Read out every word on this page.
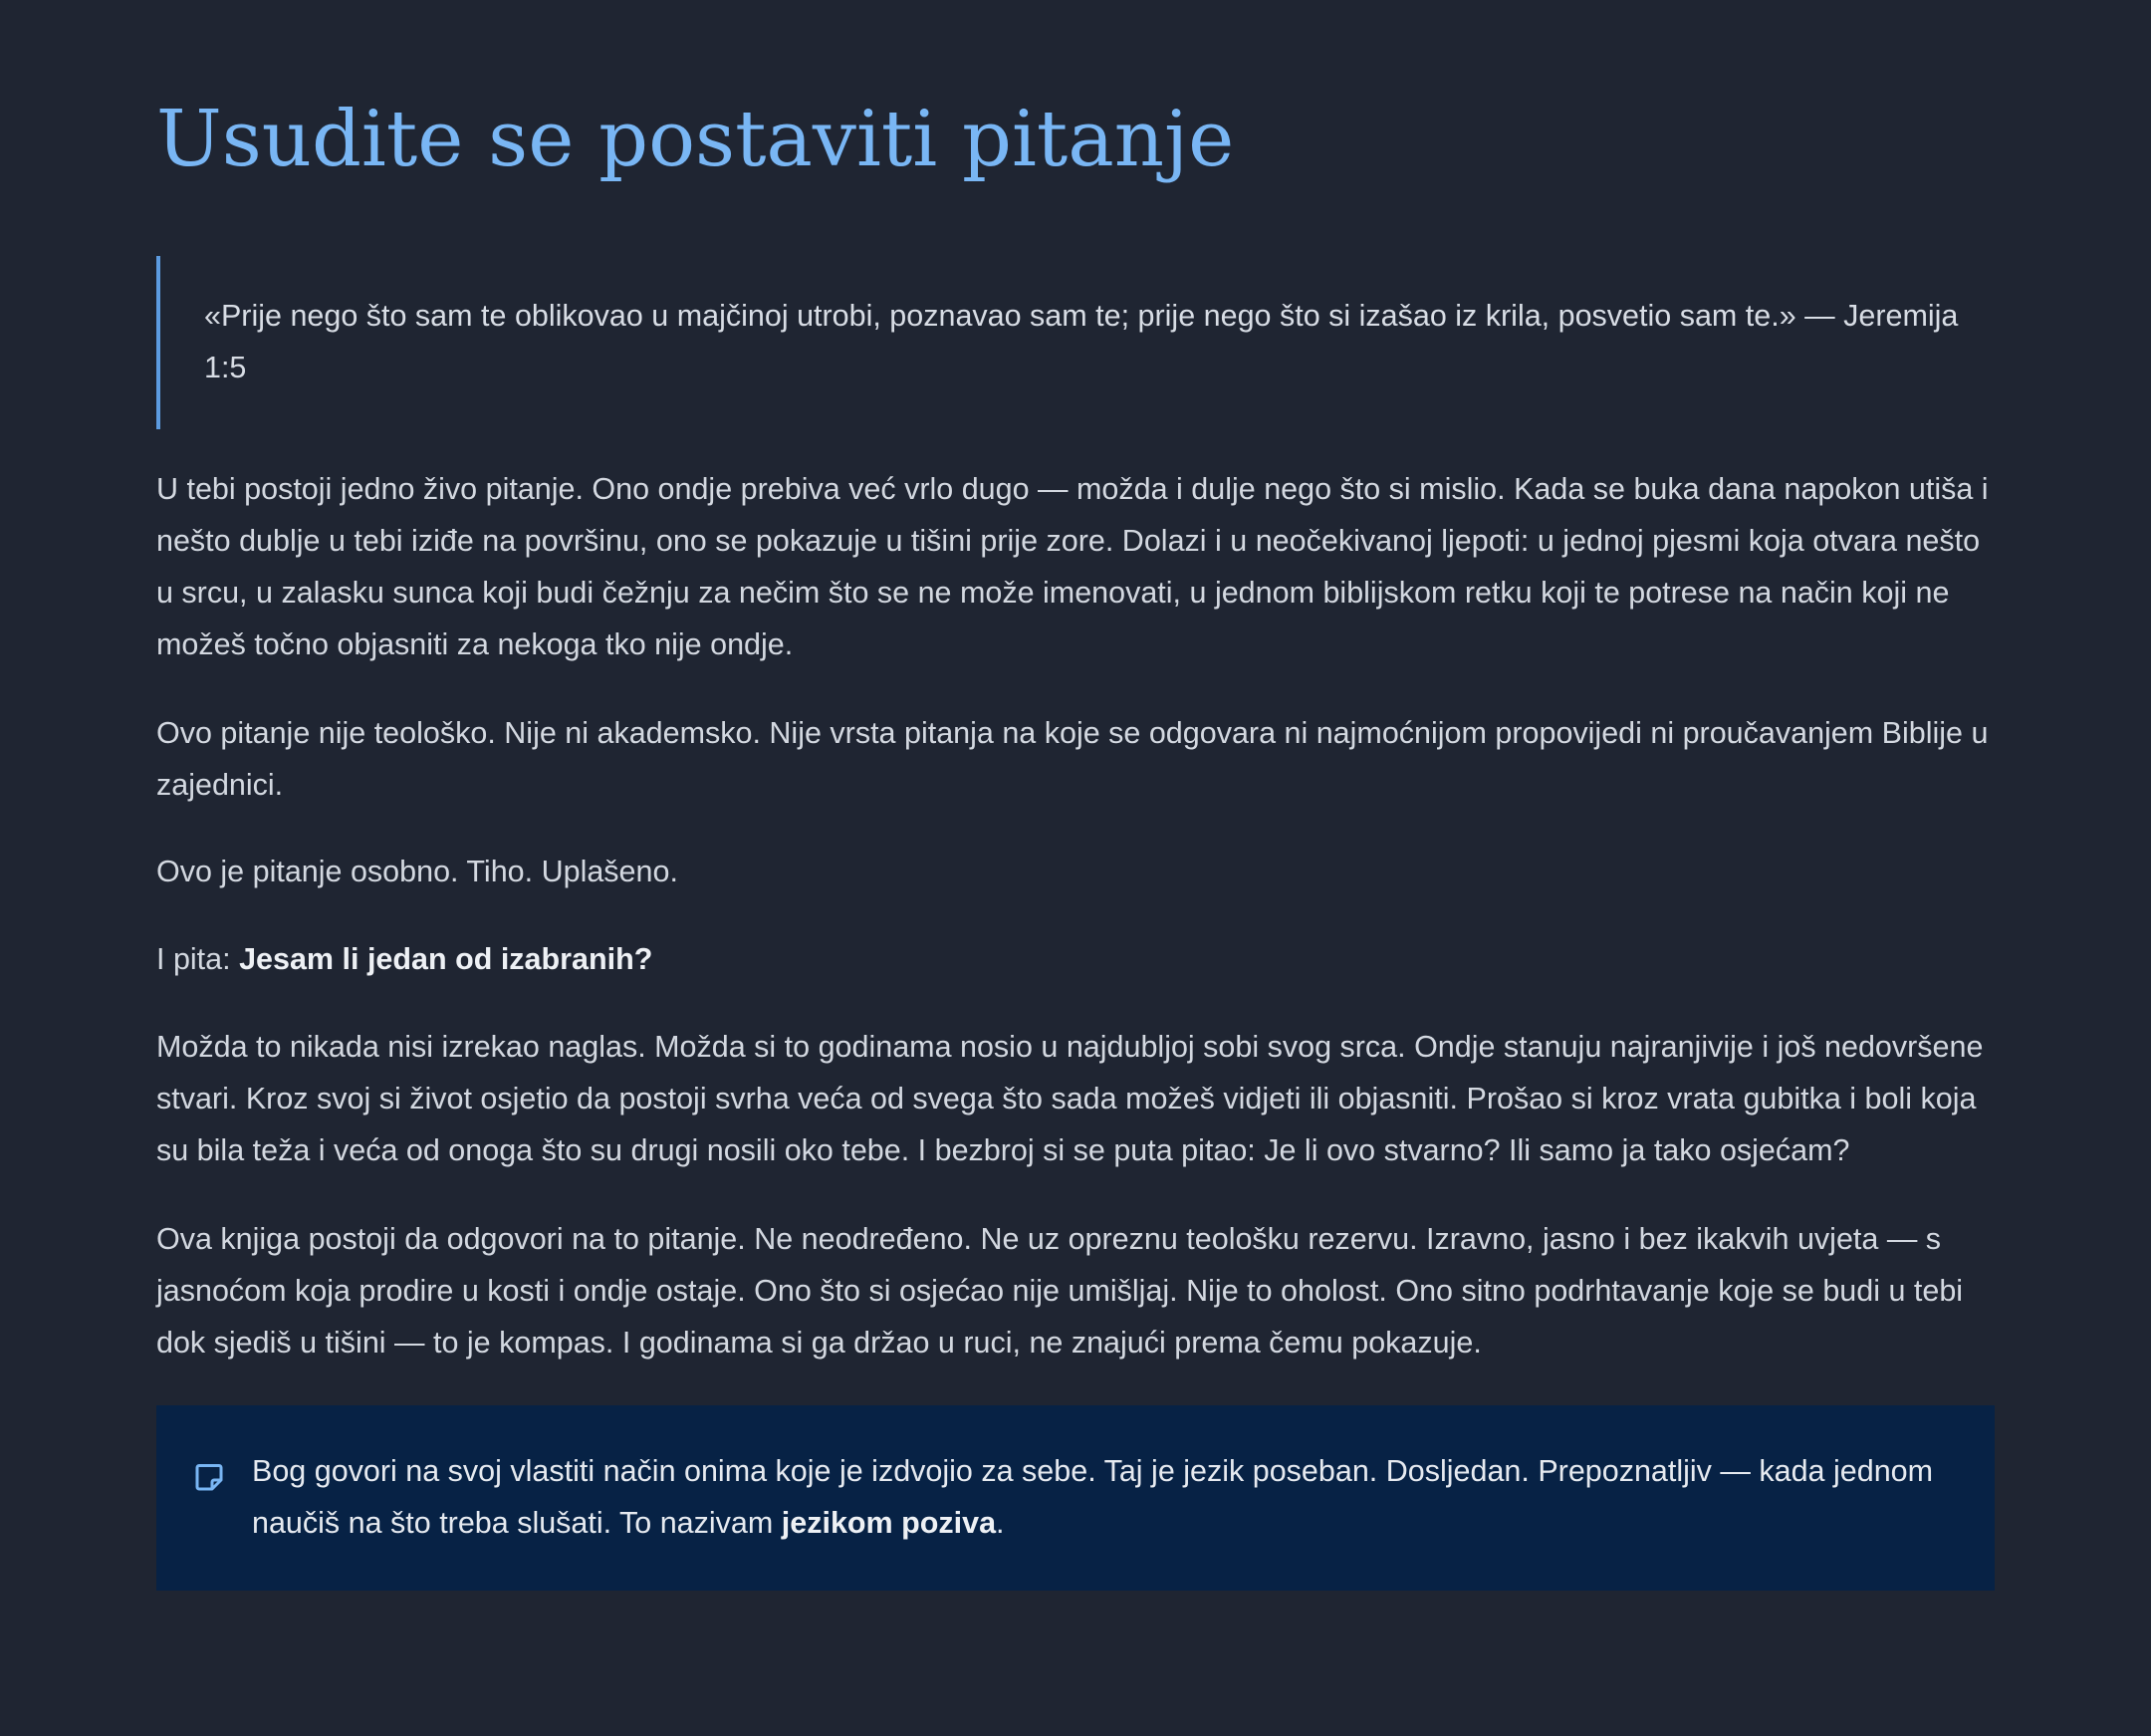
Usudite se postaviti pitanje
«Prije nego što sam te oblikovao u majčinoj utrobi, poznavao sam te; prije nego što si izašao iz krila, posvetio sam te.» — Jeremija 1:5

U tebi postoji jedno živo pitanje. Ono ondje prebiva već vrlo dugo — možda i dulje nego što si mislio. Kada se buka dana napokon utiša i nešto dublje u tebi iziđe na površinu, ono se pokazuje u tišini prije zore. Dolazi i u neočekivanoj ljepoti: u jednoj pjesmi koja otvara nešto u srcu, u zalasku sunca koji budi čežnju za nečim što se ne može imenovati, u jednom biblijskom retku koji te potrese na način koji ne možeš točno objasniti za nekoga tko nije ondje.

Ovo pitanje nije teološko. Nije ni akademsko. Nije vrsta pitanja na koje se odgovara ni najmoćnijom propovijedi ni proučavanjem Biblije u zajednici.

Ovo je pitanje osobno. Tiho. Uplašeno.

I pita: Jesam li jedan od izabranih?

Možda to nikada nisi izrekao naglas. Možda si to godinama nosio u najdubljoj sobi svog srca. Ondje stanuju najranjivije i još nedovršene stvari. Kroz svoj si život osjetio da postoji svrha veća od svega što sada možeš vidjeti ili objasniti. Prošao si kroz vrata gubitka i boli koja su bila teža i veća od onoga što su drugi nosili oko tebe. I bezbroj si se puta pitao: Je li ovo stvarno? Ili samo ja tako osjećam?

Ova knjiga postoji da odgovori na to pitanje. Ne neodređeno. Ne uz opreznu teološku rezervu. Izravno, jasno i bez ikakvih uvjeta — s jasnoćom koja prodire u kosti i ondje ostaje. Ono što si osjećao nije umišljaj. Nije to oholost. Ono sitno podrhtavanje koje se budi u tebi dok sjediš u tišini — to je kompas. I godinama si ga držao u ruci, ne znajući prema čemu pokazuje.

Bog govori na svoj vlastiti način onima koje je izdvojio za sebe. Taj je jezik poseban. Dosljedan. Prepoznatljiv — kada jednom naučiš na što treba slušati. To nazivam jezikom poziva.
